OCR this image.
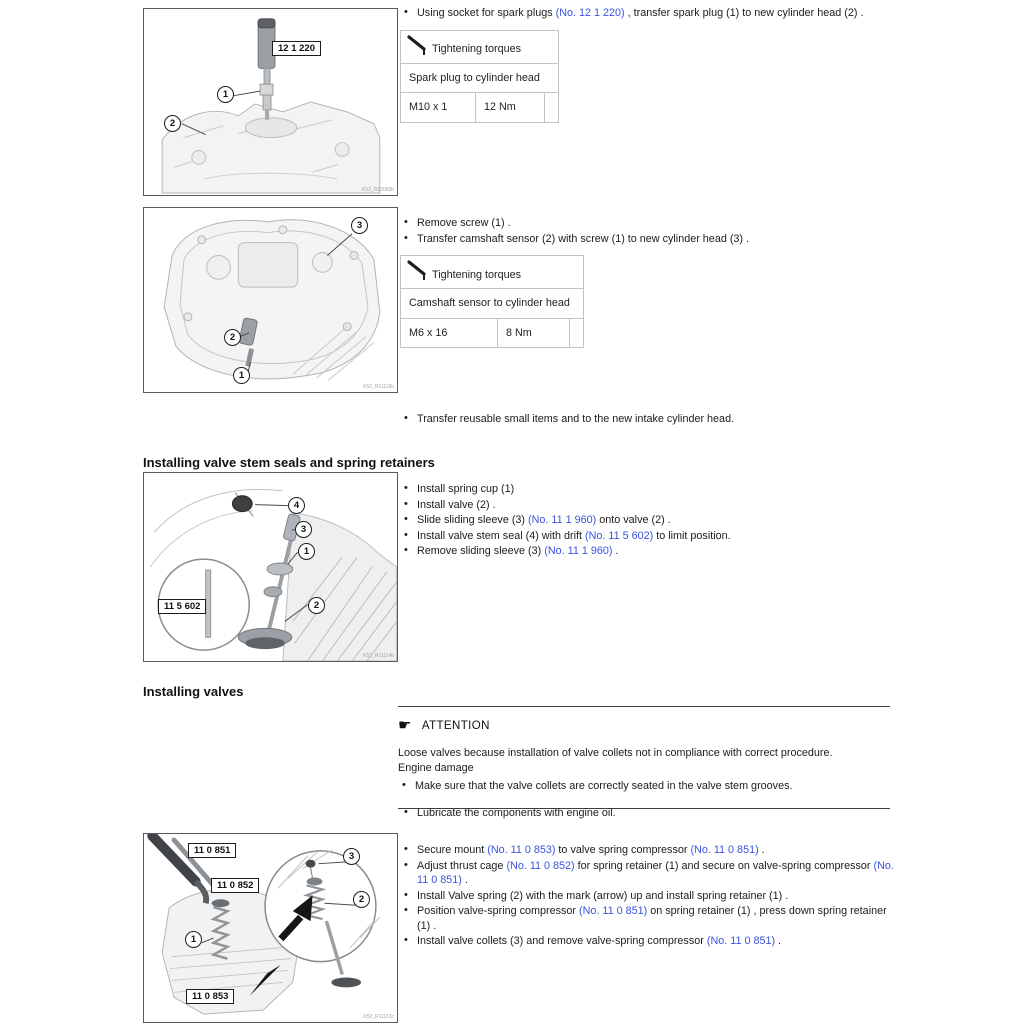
12 1 220
1
2
K52_R12069b
• Using socket for spark plugs (No. 12 1 220) , transfer spark plug (1) to new cylinder head (2) .
Tightening torques

Spark plug to cylinder head
M10 x 1	12 Nm	
3
2
1
K52_R11116b
• Remove screw (1) .
• Transfer camshaft sensor (2) with screw (1) to new cylinder head (3) .
Tightening torques

Camshaft sensor to cylinder head
M6 x 16	8 Nm	
• Transfer reusable small items and to the new intake cylinder head.
Installing valve stem seals and spring retainers
4
3
1
2
11 5 602
K52_R11114b
• Install spring cup (1)
• Install valve (2) .
• Slide sliding sleeve (3) (No. 11 1 960) onto valve (2) .
• Install valve stem seal (4) with drift (No. 11 5 602) to limit position.
• Remove sliding sleeve (3) (No. 11 1 960) .
Installing valves
☛ ATTENTION
Loose valves because installation of valve collets not in compliance with correct procedure.
Engine damage
• Make sure that the valve collets are correctly seated in the valve stem grooves.
• Lubricate the components with engine oil.
11 0 851
11 0 852
11 0 853
1
3
2
K52_R11113c
• Secure mount (No. 11 0 853) to valve spring compressor (No. 11 0 851) .
• Adjust thrust cage (No. 11 0 852) for spring retainer (1) and secure on valve-spring compressor (No. 11 0 851) .
• Install Valve spring (2) with the mark (arrow) up and install spring retainer (1) .
• Position valve-spring compressor (No. 11 0 851) on spring retainer (1) , press down spring retainer (1) .
• Install valve collets (3) and remove valve-spring compressor (No. 11 0 851) .
